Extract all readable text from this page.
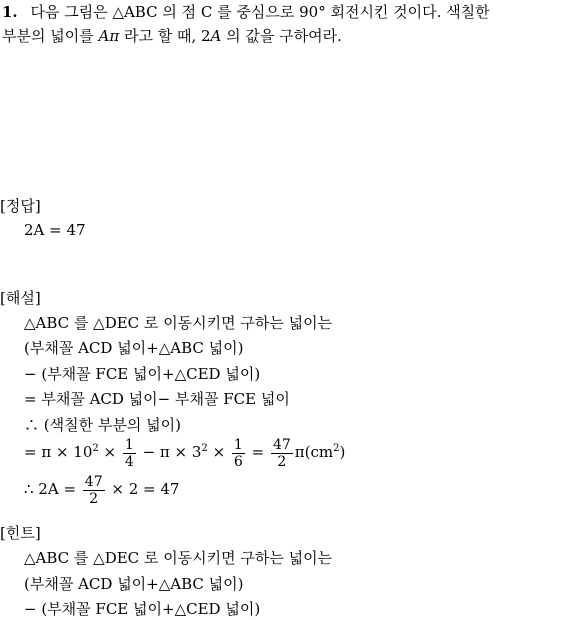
1. 다음 그림은 △ABC 의 점 C 를 중심으로 90° 회전시킨 것이다. 색칠한
부분의 넓이를 Aπ 라고 할 때, 2A 의 값을 구하여라.
[정답]
2A = 47
[해설]
△ABC 를 △DEC 로 이동시키면 구하는 넓이는
(부채꼴 ACD 넓이+△ABC 넓이)
− (부채꼴 FCE 넓이+△CED 넓이)
= 부채꼴 ACD 넓이− 부채꼴 FCE 넓이
∴ (색칠한 부분의 넓이)
= $\pi \times 10^2 \times \frac{1}{4} - \pi \times 3^2 \times \frac{1}{6} = \frac{47}{2} \pi(cm^2)$
∴ $2A = \frac{47}{2} \times 2 = 47$
[힌트]
△ABC 를 △DEC 로 이동시키면 구하는 넓이는
(부채꼴 ACD 넓이+△ABC 넓이)
− (부채꼴 FCE 넓이+△CED 넓이)
